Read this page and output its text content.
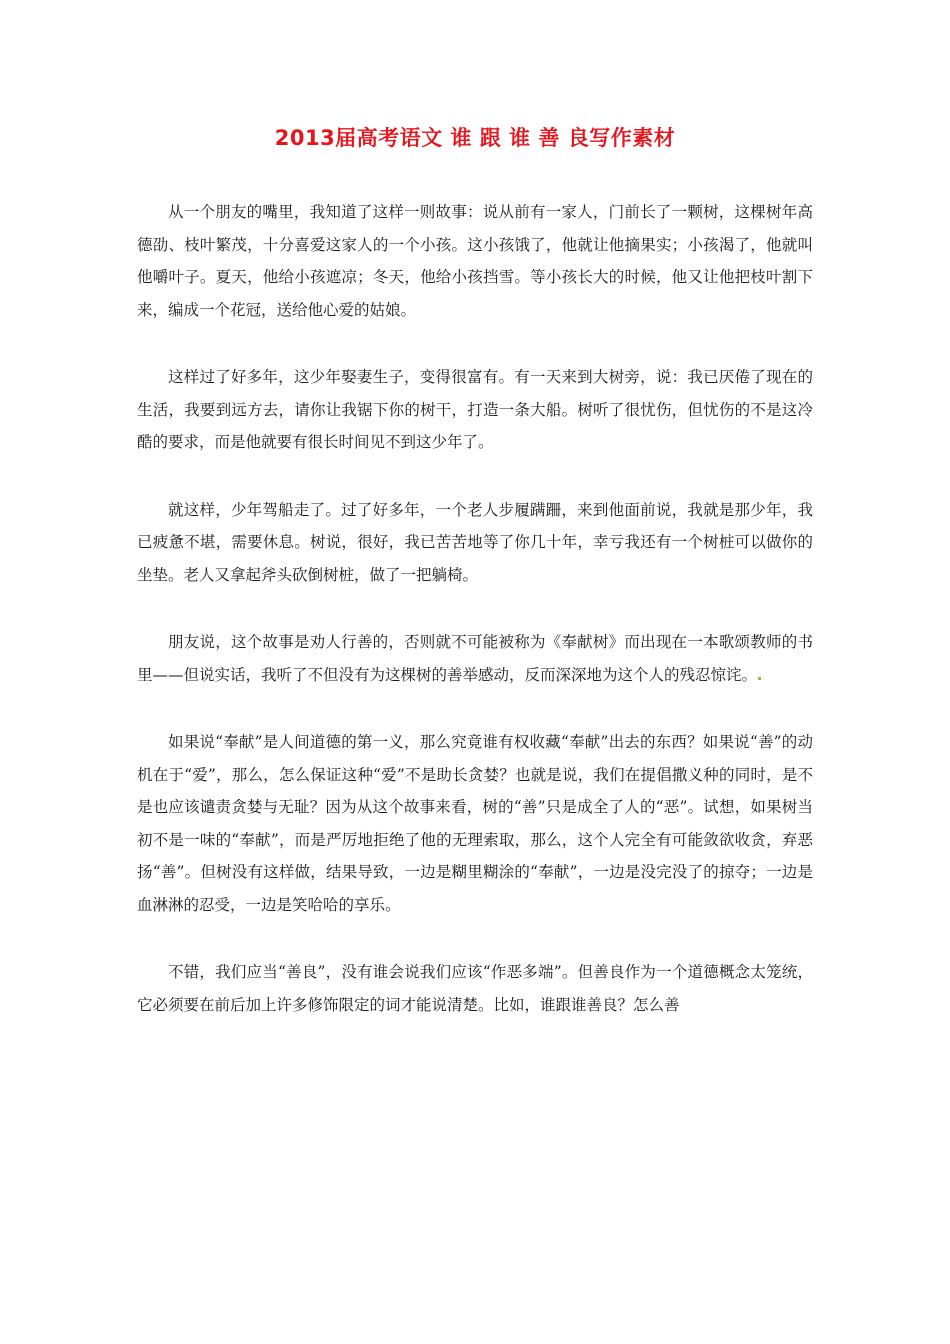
2013届高考语文 谁 跟 谁 善 良写作素材

从一个朋友的嘴里，我知道了这样一则故事：说从前有一家人，门前长了一颗树，这棵树年高德劭、枝叶繁茂，十分喜爱这家人的一个小孩。这小孩饿了，他就让他摘果实；小孩渴了，他就叫他嚼叶子。夏天，他给小孩遮凉；冬天，他给小孩挡雪。等小孩长大的时候，他又让他把枝叶割下来，编成一个花冠，送给他心爱的姑娘。

这样过了好多年，这少年娶妻生子，变得很富有。有一天来到大树旁，说：我已厌倦了现在的生活，我要到远方去，请你让我锯下你的树干，打造一条大船。树听了很忧伤，但忧伤的不是这冷酷的要求，而是他就要有很长时间见不到这少年了。

就这样，少年驾船走了。过了好多年，一个老人步履蹒跚，来到他面前说，我就是那少年，我已疲惫不堪，需要休息。树说，很好，我已苦苦地等了你几十年，幸亏我还有一个树桩可以做你的坐垫。老人又拿起斧头砍倒树桩，做了一把躺椅。

朋友说，这个故事是劝人行善的，否则就不可能被称为《奉献树》而出现在一本歌颂教师的书里——但说实话，我听了不但没有为这棵树的善举感动，反而深深地为这个人的残忍惊诧。

如果说“奉献”是人间道德的第一义，那么究竟谁有权收藏“奉献”出去的东西？如果说“善”的动机在于“爱”，那么，怎么保证这种“爱”不是助长贪婪？也就是说，我们在提倡撒义种的同时，是不是也应该谴责贪婪与无耻？因为从这个故事来看，树的“善”只是成全了人的“恶”。试想，如果树当初不是一味的“奉献”，而是严厉地拒绝了他的无理索取，那么，这个人完全有可能敛欲收贪，弃恶扬“善”。但树没有这样做，结果导致，一边是糊里糊涂的“奉献”，一边是没完没了的掠夺；一边是血淋淋的忍受，一边是笑哈哈的享乐。

不错，我们应当“善良”，没有谁会说我们应该“作恶多端”。但善良作为一个道德概念太笼统，它必须要在前后加上许多修饰限定的词才能说清楚。比如，谁跟谁善良？怎么善
